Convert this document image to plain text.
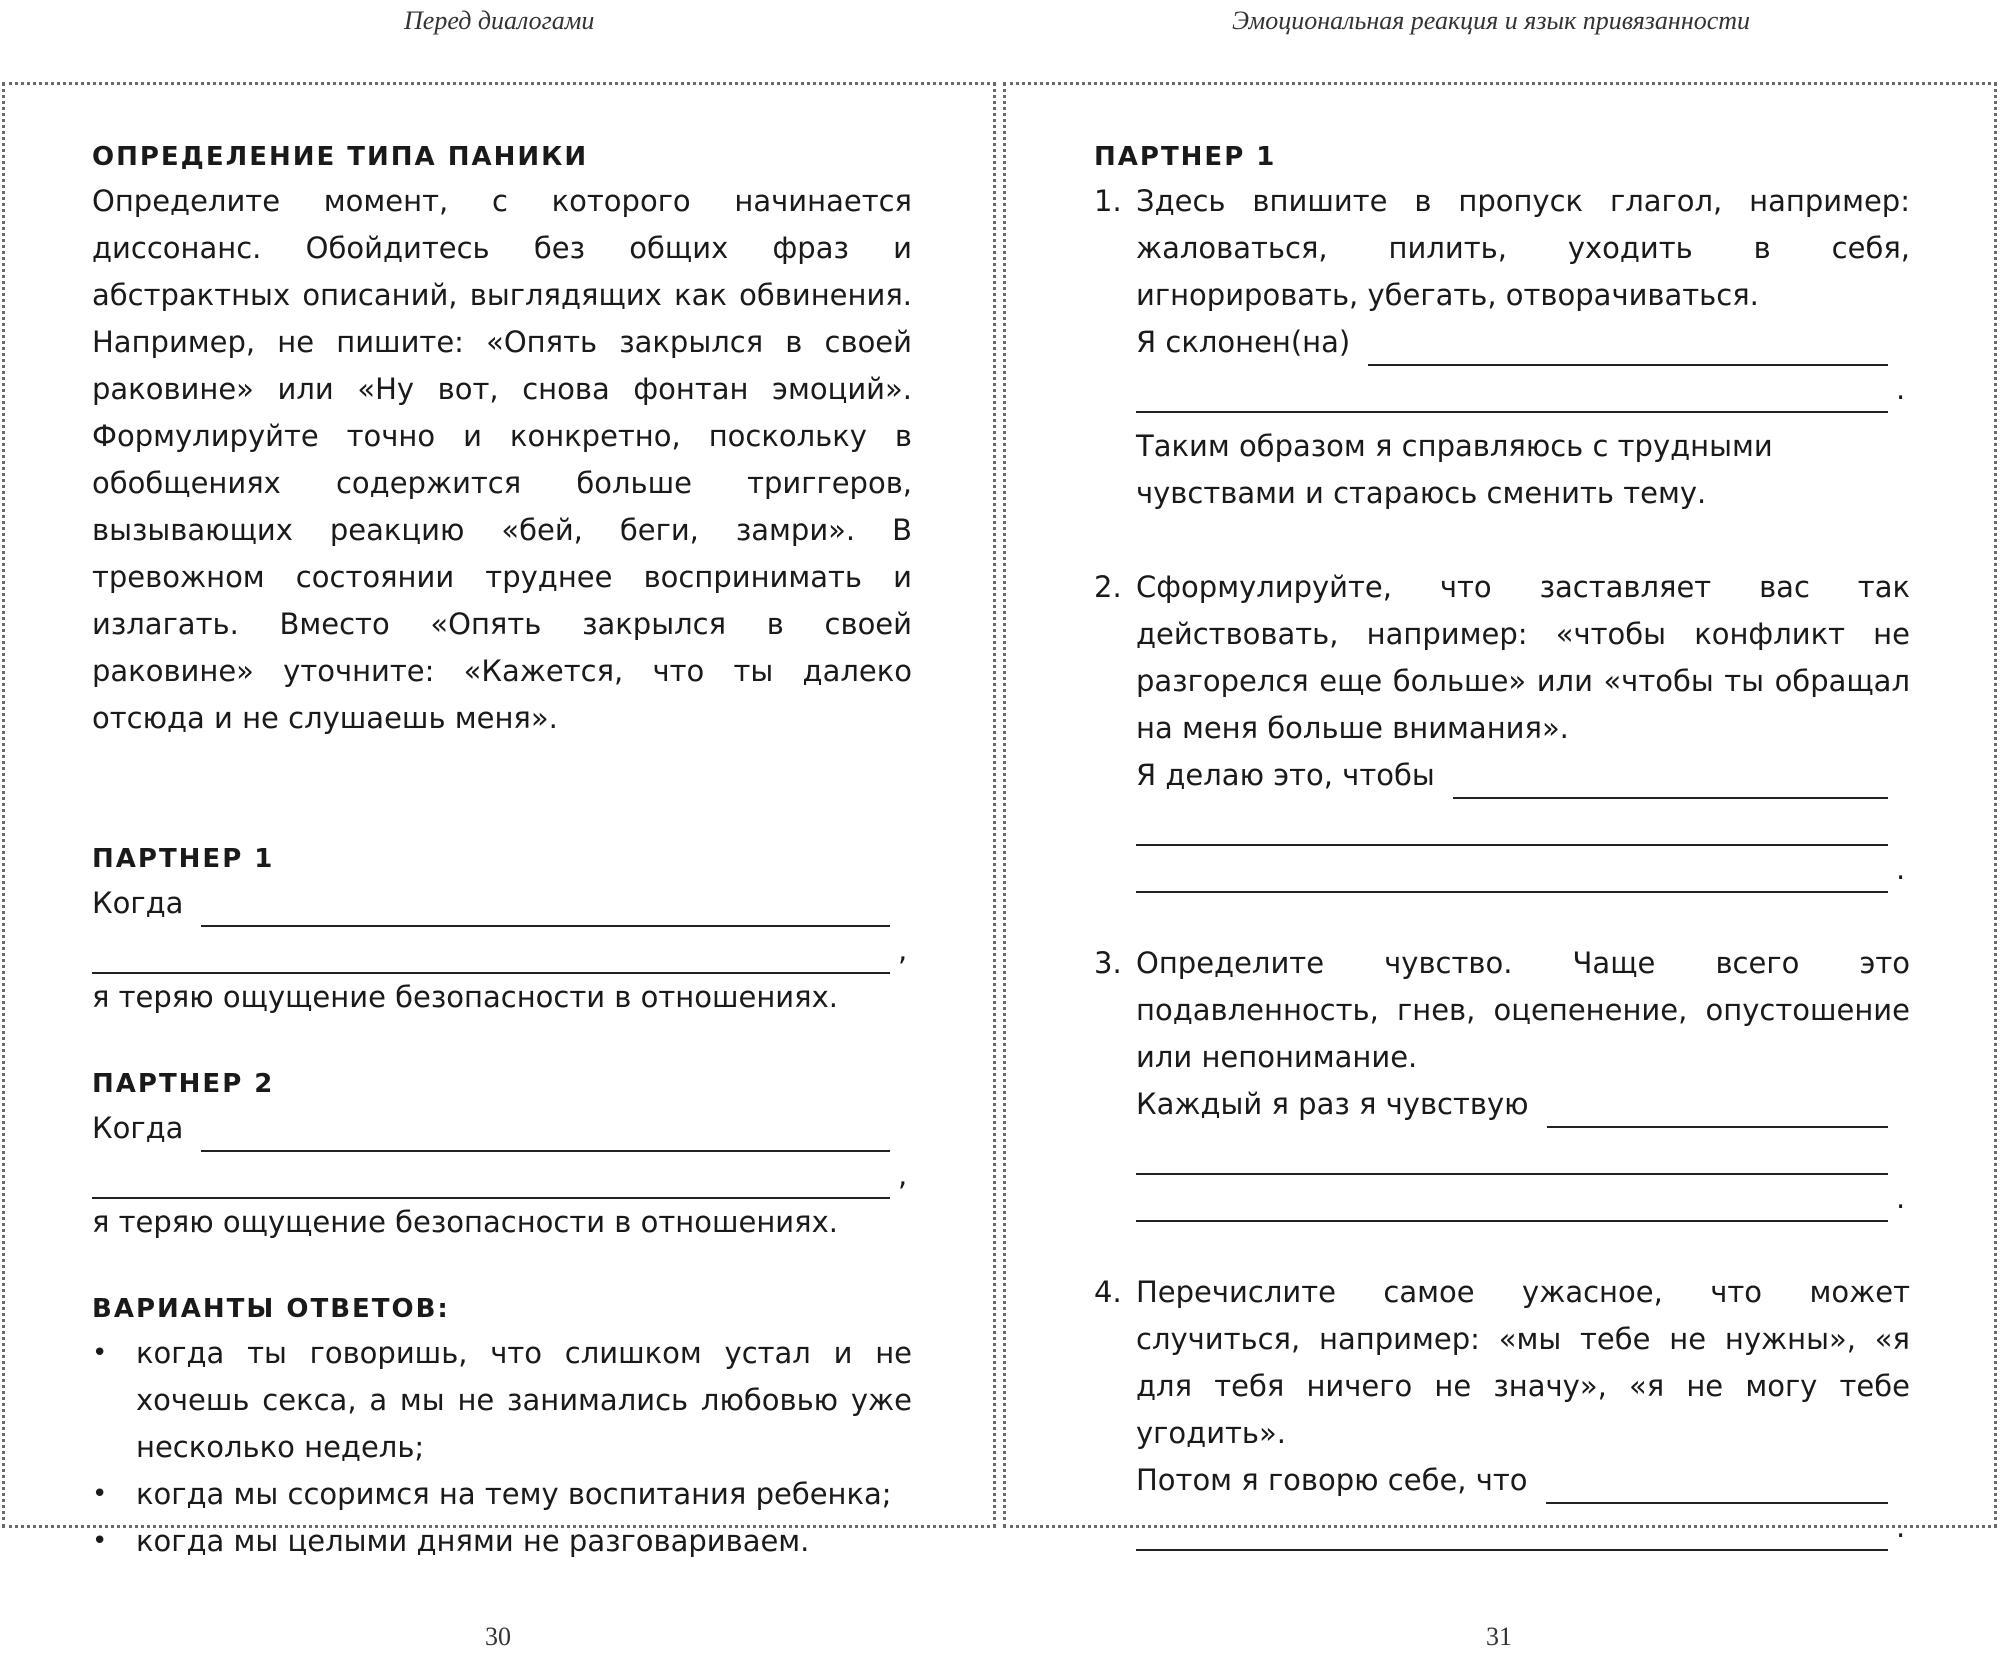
Перед диалогами	Эмоциональная реакция и язык привязанности
ОПРЕДЕЛЕНИЕ ТИПА ПАНИКИ

Определите момент, с которого начинается диссонанс. Обойдитесь без общих фраз и абстрактных описаний, выглядящих как обвинения. Например, не пишите: «Опять закрылся в своей раковине» или «Ну вот, снова фонтан эмоций». Формулируйте точно и конкретно, поскольку в обобщениях содержится больше триггеров, вызывающих реакцию «бей, беги, замри». В тревожном состоянии труднее воспринимать и излагать. Вместо «Опять закрылся в своей раковине» уточните: «Кажется, что ты далеко отсюда и не слушаешь меня».

ПАРТНЕР 1
Когда
,

я теряю ощущение безопасности в отношениях.

ПАРТНЕР 2
Когда
,

я теряю ощущение безопасности в отношениях.

ВАРИАНТЫ ОТВЕТОВ:
• когда ты говоришь, что слишком устал и не хочешь секса, а мы не занимались любовью уже несколько недель;
• когда мы ссоримся на тему воспитания ребенка;
• когда мы целыми днями не разговариваем.
ПАРТНЕР 1
1. Здесь впишите в пропуск глагол, например: жаловаться, пилить, уходить в себя, игнорировать, убегать, отворачиваться.

Я склонен(на)
.

Таким образом я справляюсь с трудными чувствами и стараюсь сменить тему.

2. Сформулируйте, что заставляет вас так действовать, например: «чтобы конфликт не разгорелся еще больше» или «чтобы ты обращал на меня больше внимания».

Я делаю это, чтобы
.
3. Определите чувство. Чаще всего это подавленность, гнев, оцепенение, опустошение или непонимание.

Каждый я раз я чувствую
.
4. Перечислите самое ужасное, что может случиться, например: «мы тебе не нужны», «я для тебя ничего не значу», «я не могу тебе угодить».

Потом я говорю себе, что
.
30	31
